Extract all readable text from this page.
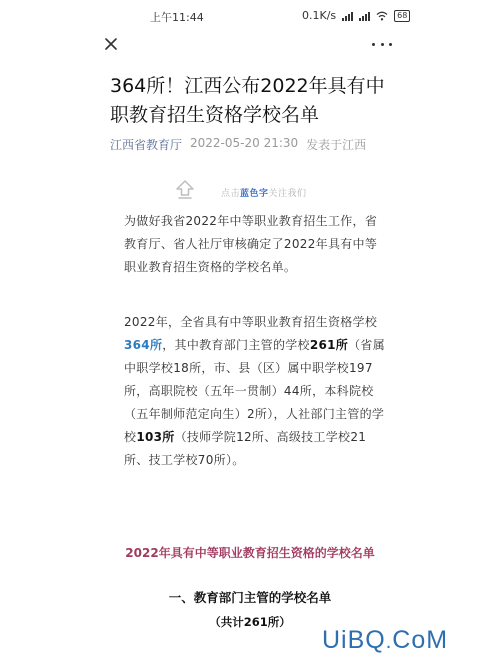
上午11:44	0.1K/s	68
364所！江西公布2022年具有中职教育招生资格学校名单
江西省教育厅 2022-05-20 21:30 发表于江西
点击蓝色字关注我们

为做好我省2022年中等职业教育招生工作，省教育厅、省人社厅审核确定了2022年具有中等职业教育招生资格的学校名单。

2022年，全省具有中等职业教育招生资格学校364所，其中教育部门主管的学校261所（省属中职学校18所，市、县（区）属中职学校197所，高职院校（五年一贯制）44所，本科院校（五年制师范定向生）2所），人社部门主管的学校103所（技师学院12所、高级技工学校21所、技工学校70所）。

2022年具有中等职业教育招生资格的学校名单
一、教育部门主管的学校名单
（共计261所）
UiBQ.CoM
